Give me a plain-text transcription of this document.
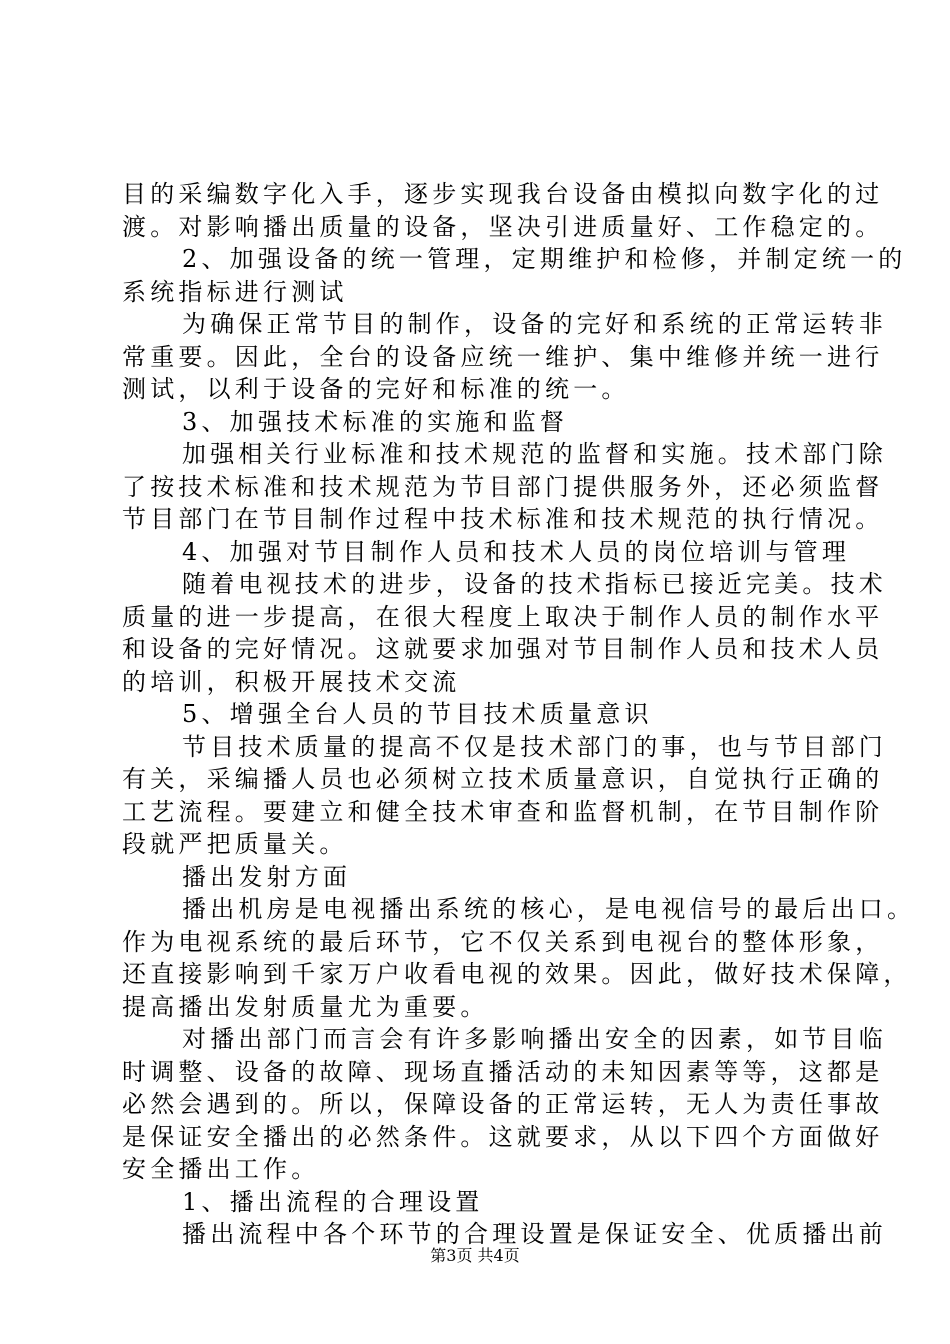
目的采编数字化入手，逐步实现我台设备由模拟向数字化的过
渡。对影响播出质量的设备，坚决引进质量好、工作稳定的。
2、加强设备的统一管理，定期维护和检修，并制定统一的
系统指标进行测试
为确保正常节目的制作，设备的完好和系统的正常运转非
常重要。因此，全台的设备应统一维护、集中维修并统一进行
测试，以利于设备的完好和标准的统一。
3、加强技术标准的实施和监督
加强相关行业标准和技术规范的监督和实施。技术部门除
了按技术标准和技术规范为节目部门提供服务外，还必须监督
节目部门在节目制作过程中技术标准和技术规范的执行情况。
4、加强对节目制作人员和技术人员的岗位培训与管理
随着电视技术的进步，设备的技术指标已接近完美。技术
质量的进一步提高，在很大程度上取决于制作人员的制作水平
和设备的完好情况。这就要求加强对节目制作人员和技术人员
的培训，积极开展技术交流
5、增强全台人员的节目技术质量意识
节目技术质量的提高不仅是技术部门的事，也与节目部门
有关，采编播人员也必须树立技术质量意识，自觉执行正确的
工艺流程。要建立和健全技术审查和监督机制，在节目制作阶
段就严把质量关。
播出发射方面
播出机房是电视播出系统的核心，是电视信号的最后出口。
作为电视系统的最后环节，它不仅关系到电视台的整体形象，
还直接影响到千家万户收看电视的效果。因此，做好技术保障，
提高播出发射质量尤为重要。
对播出部门而言会有许多影响播出安全的因素，如节目临
时调整、设备的故障、现场直播活动的未知因素等等，这都是
必然会遇到的。所以，保障设备的正常运转，无人为责任事故
是保证安全播出的必然条件。这就要求，从以下四个方面做好
安全播出工作。
1、播出流程的合理设置
播出流程中各个环节的合理设置是保证安全、优质播出前
第3页 共4页
